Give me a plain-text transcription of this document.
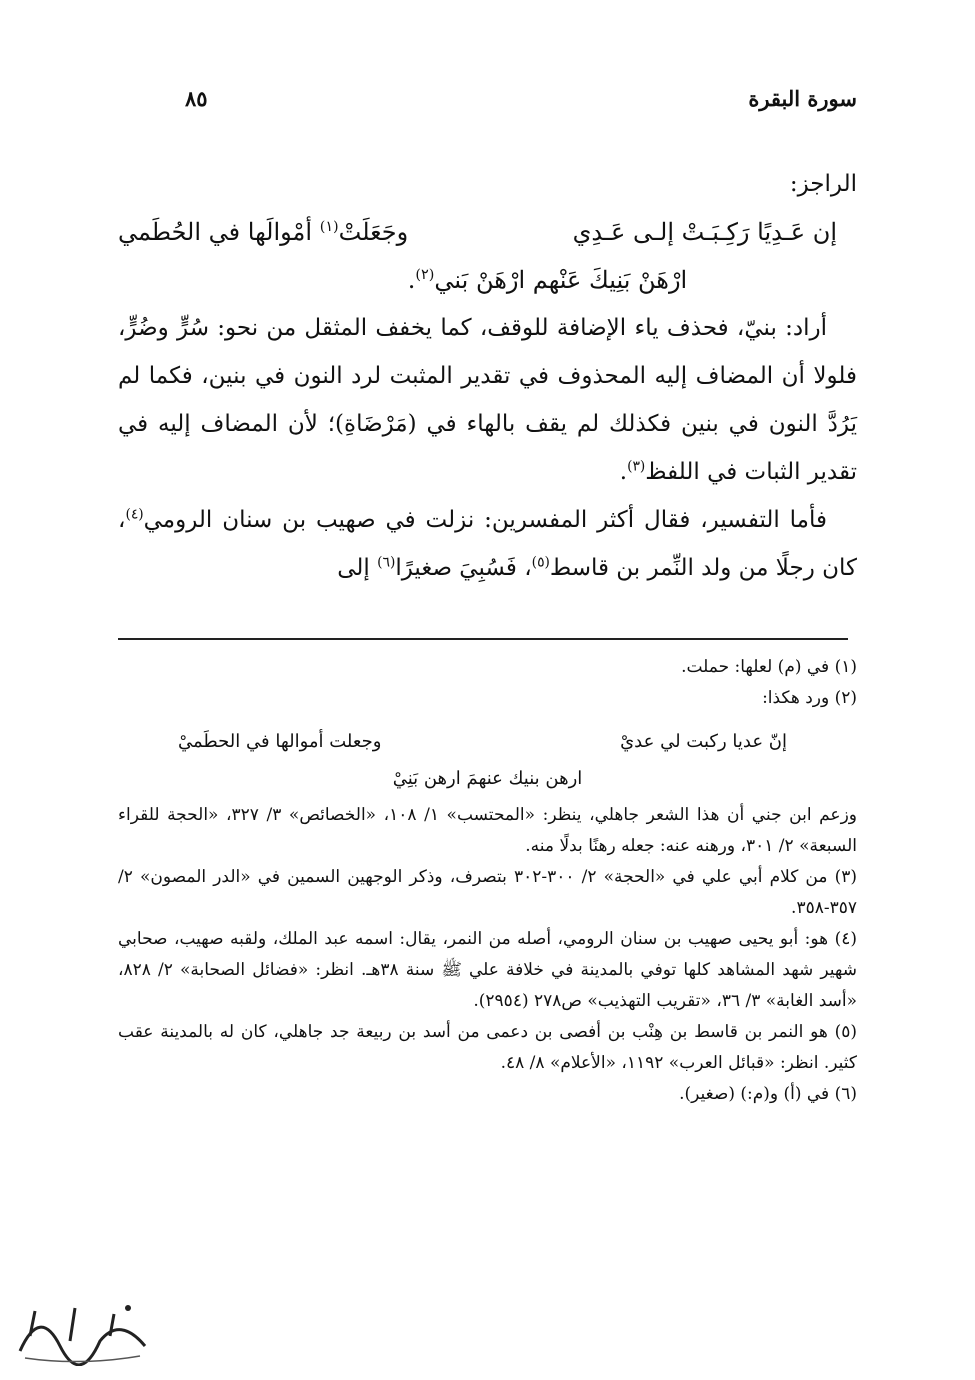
سورة البقرة
٨٥

الراجز:

إن عَـدِيًا رَكِـبَـتْ إلـى عَـدِي
وجَعَلَتْ$^{(١)}$ أمْوالَها في الحُطَمي
ارْهَنْ بَنِيكَ عَنْهم ارْهَنْ بَني$^{(٢)}$.

أراد: بنيّ، فحذف ياء الإضافة للوقف، كما يخفف المثقل من نحو: سُرٍّ وضُرٍّ، فلولا أن المضاف إليه المحذوف في تقدير المثبت لرد النون في بنين، فكما لم يَرُدَّ النون في بنين فكذلك لم يقف بالهاء في (مَرْضَاةِ)؛ لأن المضاف إليه في تقدير الثبات في اللفظ$^{(٣)}$.

فأما التفسير، فقال أكثر المفسرين: نزلت في صهيب بن سنان الرومي$^{(٤)}$، كان رجلًا من ولد النِّمر بن قاسط$^{(٥)}$، فَسُبِيَ صغيرًا$^{(٦)}$ إلى

(١) في (م) لعلها: حملت.

(٢) ورد هكذا:

إنّ عديا ركبت لي عديْ
وجعلت أموالها في الحطَميْ
ارهن بنيك عنهمَ ارهن بَنِيْ

وزعم ابن جني أن هذا الشعر جاهلي، ينظر: «المحتسب» ١/ ١٠٨، «الخصائص» ٣/ ٣٢٧، «الحجة للقراء السبعة» ٢/ ٣٠١، ورهنه عنه: جعله رهنًا بدلًا منه.

(٣) من كلام أبي علي في «الحجة» ٢/ ٣٠٠-٣٠٢ بتصرف، وذكر الوجهين السمين في «الدر المصون» ٢/ ٣٥٧-٣٥٨.

(٤) هو: أبو يحيى صهيب بن سنان الرومي، أصله من النمر، يقال: اسمه عبد الملك، ولقبه صهيب، صحابي شهير شهد المشاهد كلها توفي بالمدينة في خلافة علي ﷺ سنة ٣٨هـ. انظر: «فضائل الصحابة» ٢/ ٨٢٨، «أسد الغابة» ٣/ ٣٦، «تقريب التهذيب» ص٢٧٨ (٢٩٥٤).

(٥) هو النمر بن قاسط بن هِنْب بن أفصى بن دعمى من أسد بن ربيعة جد جاهلي، كان له بالمدينة عقب كثير. انظر: «قبائل العرب» ١١٩٢، «الأعلام» ٨/ ٤٨.

(٦) في (أ) و(م:) (صغير).
